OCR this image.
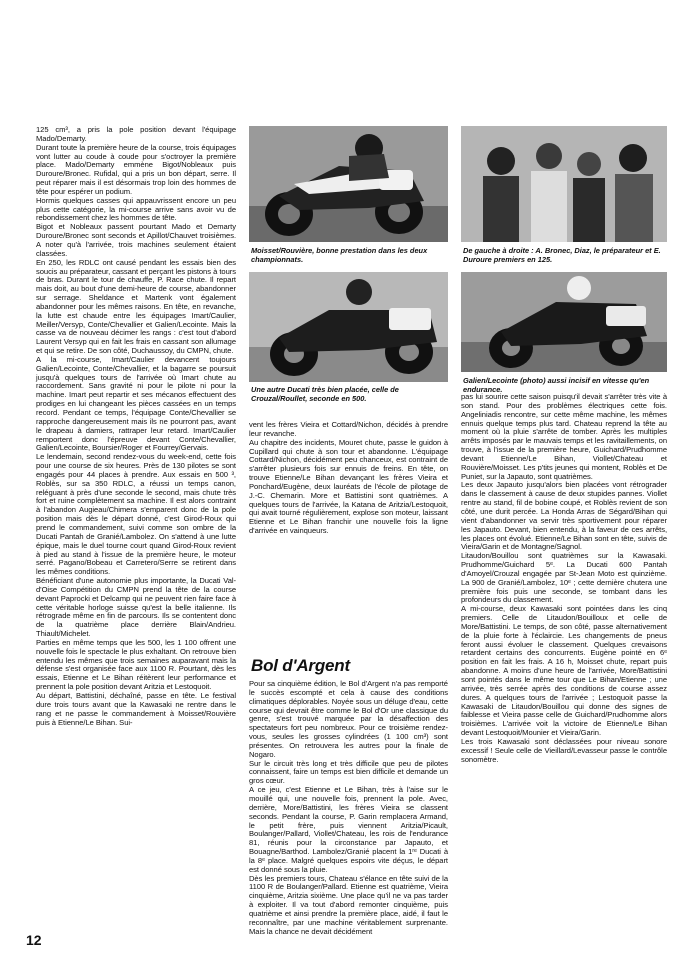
125 cm³, a pris la pole position devant l'équipage Mado/Demarty.

Durant toute la première heure de la course, trois équipages vont lutter au coude à coude pour s'octroyer la première place. Mado/Demarty emmène Bigot/Nobleaux puis Duroure/Bronec. Rufidal, qui a pris un bon départ, serre. Il peut réparer mais il est désormais trop loin des hommes de tête pour espérer un podium.

Hormis quelques casses qui appauvrissent encore un peu plus cette catégorie, la mi-course arrive sans avoir vu de rebondissement chez les hommes de tête.

Bigot et Nobleaux passent pourtant Mado et Demarty Duroure/Bronec sont seconds et Apillot/Chauvet troisièmes. A noter qu'à l'arrivée, trois machines seulement étaient classées.

En 250, les RDLC ont causé pendant les essais bien des soucis au préparateur, cassant et perçant les pistons à tours de bras. Durant le tour de chauffe, P. Race chute. Il repart mais doit, au bout d'une demi-heure de course, abandonner sur serrage. Sheldance et Martenk vont également abandonner pour les mêmes raisons. En tête, en revanche, la lutte est chaude entre les équipages Imart/Caulier, Meiller/Versyp, Conte/Chevallier et Galien/Lecointe. Mais la casse va de nouveau décimer les rangs : c'est tout d'abord Laurent Versyp qui en fait les frais en cassant son allumage et qui se retire. De son côté, Duchaussoy, du CMPN, chute.

A la mi-course, Imart/Caulier devancent toujours Galien/Lecointe, Conte/Chevallier, et la bagarre se poursuit jusqu'à quelques tours de l'arrivée où Imart chute au raccordement. Sans gravité ni pour le pilote ni pour la machine. Imart peut repartir et ses mécanos effectuent des prodiges en lui changeant les pièces cassées en un temps record. Pendant ce temps, l'équipage Conte/Chevallier se rapproche dangereusement mais ils ne pourront pas, avant le drapeau à damiers, rattraper leur retard. Imart/Caulier remportent donc l'épreuve devant Conte/Chevallier, Galien/Lecointe, Boursier/Roger et Fourrey/Gervais.

Le lendemain, second rendez-vous du week-end, cette fois pour une course de six heures. Près de 130 pilotes se sont engagés pour 44 places à prendre. Aux essais en 500 ³, Roblès, sur sa 350 RDLC, a réussi un temps canon, reléguant à près d'une seconde le second, mais chute très fort et ruine complètement sa machine. Il est alors contraint à l'abandon Augieau/Chimera s'emparent donc de la pole position mais dès le départ donné, c'est Girod-Roux qui prend le commandement, suivi comme son ombre de la Ducati Pantah de Granié/Lambolez. On s'attend à une lutte épique, mais le duel tourne court quand Girod-Roux revient à pied au stand à l'issue de la première heure, le moteur serré. Pagano/Bobeau et Carretero/Serre se retirent dans les mêmes conditions.

Bénéficiant d'une autonomie plus importante, la Ducati Val-d'Oise Compétition du CMPN prend la tête de la course devant Paprocki et Delcamp qui ne peuvent rien faire face à cette véritable horloge suisse qu'est la belle italienne. Ils rétrograde même en fin de parcours. Ils se contentent donc de la quatrième place derrière Blain/Andrieu. Thiault/Michelet.

Parties en même temps que les 500, les 1 100 offrent une nouvelle fois le spectacle le plus exhaltant. On retrouve bien entendu les mêmes que trois semaines auparavant mais la défense s'est organisée face aux 1100 R. Pourtant, dès les essais, Etienne et Le Bihan réitèrent leur performance et prennent la pole position devant Aritzia et Lestoquoit.

Au départ, Battistini, déchaîné, passe en tête. Le festival dure trois tours avant que la Kawasaki ne rentre dans le rang et ne passe le commandement à Moisset/Rouvière puis à Etienne/Le Bihan. Sui-

Moisset/Rouvière, bonne prestation dans les deux championnats.

De gauche à droite : A. Bronec, Diaz, le préparateur et E. Duroure premiers en 125.

Une autre Ducati très bien placée, celle de Crouzal/Roullet, seconde en 500.

Galien/Lecointe (photo) aussi incisif en vitesse qu'en endurance.

vent les frères Vieira et Cottard/Nichon, décidés à prendre leur revanche.

Au chapitre des incidents, Mouret chute, passe le guidon à Cupillard qui chute à son tour et abandonne. L'équipage Cottard/Nichon, décidément peu chanceux, est contraint de s'arrêter plusieurs fois sur ennuis de freins. En tête, on trouve Etienne/Le Bihan devançant les frères Vieira et Ponchard/Eugène, deux lauréats de l'école de pilotage de J.-C. Chemarin. More et Battistini sont quatrièmes. A quelques tours de l'arrivée, la Katana de Aritzia/Lestoquoit, qui avait tourné régulièrement, explose son moteur, laissant Etienne et Le Bihan franchir une nouvelle fois la ligne d'arrivée en vainqueurs.

Bol d'Argent

Pour sa cinquième édition, le Bol d'Argent n'a pas remporté le succès escompté et cela à cause des conditions climatiques déplorables. Noyée sous un déluge d'eau, cette course qui devrait être comme le Bol d'Or une classique du genre, s'est trouvé marquée par la désaffection des spectateurs fort peu nombreux. Pour ce troisième rendez-vous, seules les grosses cylindrées (1 100 cm³) sont présentes. On retrouvera les autres pour la finale de Nogaro.

Sur le circuit très long et très difficile que peu de pilotes connaissent, faire un temps est bien difficile et demande un gros cœur.

A ce jeu, c'est Etienne et Le Bihan, très à l'aise sur le mouillé qui, une nouvelle fois, prennent la pole. Avec, derrière, More/Battistini, les frères Vieira se classent seconds. Pendant la course, P. Garin remplacera Armand, le petit frère, puis viennent Aritzia/Picault, Boulanger/Pallard, Viollet/Chateau, les rois de l'endurance 81, réunis pour la circonstance par Japauto, et Bouagne/Barthod. Lambolez/Granié placent la 1ʳᵉ Ducati à la 8ᵉ place. Malgré quelques espoirs vite déçus, le départ est donné sous la pluie.

Dès les premiers tours, Chateau s'élance en tête suivi de la 1100 R de Boulanger/Pallard. Etienne est quatrième, Vieira cinquième, Aritzia sixième. Une place qu'il ne va pas tarder à exploiter. Il va tout d'abord remonter cinquième, puis quatrième et ainsi prendre la première place, aidé, il faut le reconnaître, par une machine véritablement surprenante. Mais la chance ne devait décidément

pas lui sourire cette saison puisqu'il devait s'arrêter très vite à son stand. Pour des problèmes électriques cette fois. Angeliniadis rencontre, sur cette même machine, les mêmes ennuis quelque temps plus tard. Chateau reprend la tête au moment où la pluie s'arrête de tomber. Après les multiples arrêts imposés par le mauvais temps et les ravitaillements, on trouve, à l'issue de la première heure, Guichard/Prudhomme devant Etienne/Le Bihan, Viollet/Chateau et Rouvière/Moisset. Les p'tits jeunes qui montent, Roblès et De Puniet, sur la Japauto, sont quatrièmes.

Les deux Japauto jusqu'alors bien placées vont rétrograder dans le classement à cause de deux stupides pannes. Viollet rentre au stand, fil de bobine coupé, et Roblès revient de son côté, une durit percée. La Honda Arras de Ségard/Bihan qui vient d'abandonner va servir très sportivement pour réparer les Japauto. Devant, bien entendu, à la faveur de ces arrêts, les places ont évolué. Etienne/Le Bihan sont en tête, suivis de Vieira/Garin et de Montagne/Sagnol.

Litaudon/Bouillou sont quatrièmes sur la Kawasaki. Prudhomme/Guichard 5ᵉ. La Ducati 600 Pantah d'Amoyel/Crouzal engagée par St-Jean Moto est quinzième. La 900 de Granié/Lambolez, 10ᵉ ; cette dernière chutera une première fois puis une seconde, se tombant dans les profondeurs du classement.

A mi-course, deux Kawasaki sont pointées dans les cinq premiers. Celle de Litaudon/Bouilloux et celle de More/Battistini. Le temps, de son côté, passe alternativement de la pluie forte à l'éclaircie. Les changements de pneus feront aussi évoluer le classement. Quelques crevaisons retardent certains des concurrents. Eugène pointé en 6ᵉ position en fait les frais. A 16 h, Moisset chute, repart puis abandonne. A moins d'une heure de l'arrivée, More/Battistini sont pointés dans le même tour que Le Bihan/Etienne ; une arrivée, très serrée après des conditions de course assez dures. A quelques tours de l'arrivée ; Lestoquoit passe la Kawasaki de Litaudon/Bouillou qui donne des signes de faiblesse et Vieira passe celle de Guichard/Prudhomme alors troisièmes. L'arrivée voit la victoire de Etienne/Le Bihan devant Lestoquoit/Mounier et Vieira/Garin.

Les trois Kawasaki sont déclassées pour niveau sonore excessif ! Seule celle de Vieillard/Levasseur passe le contrôle sonomètre.

12
